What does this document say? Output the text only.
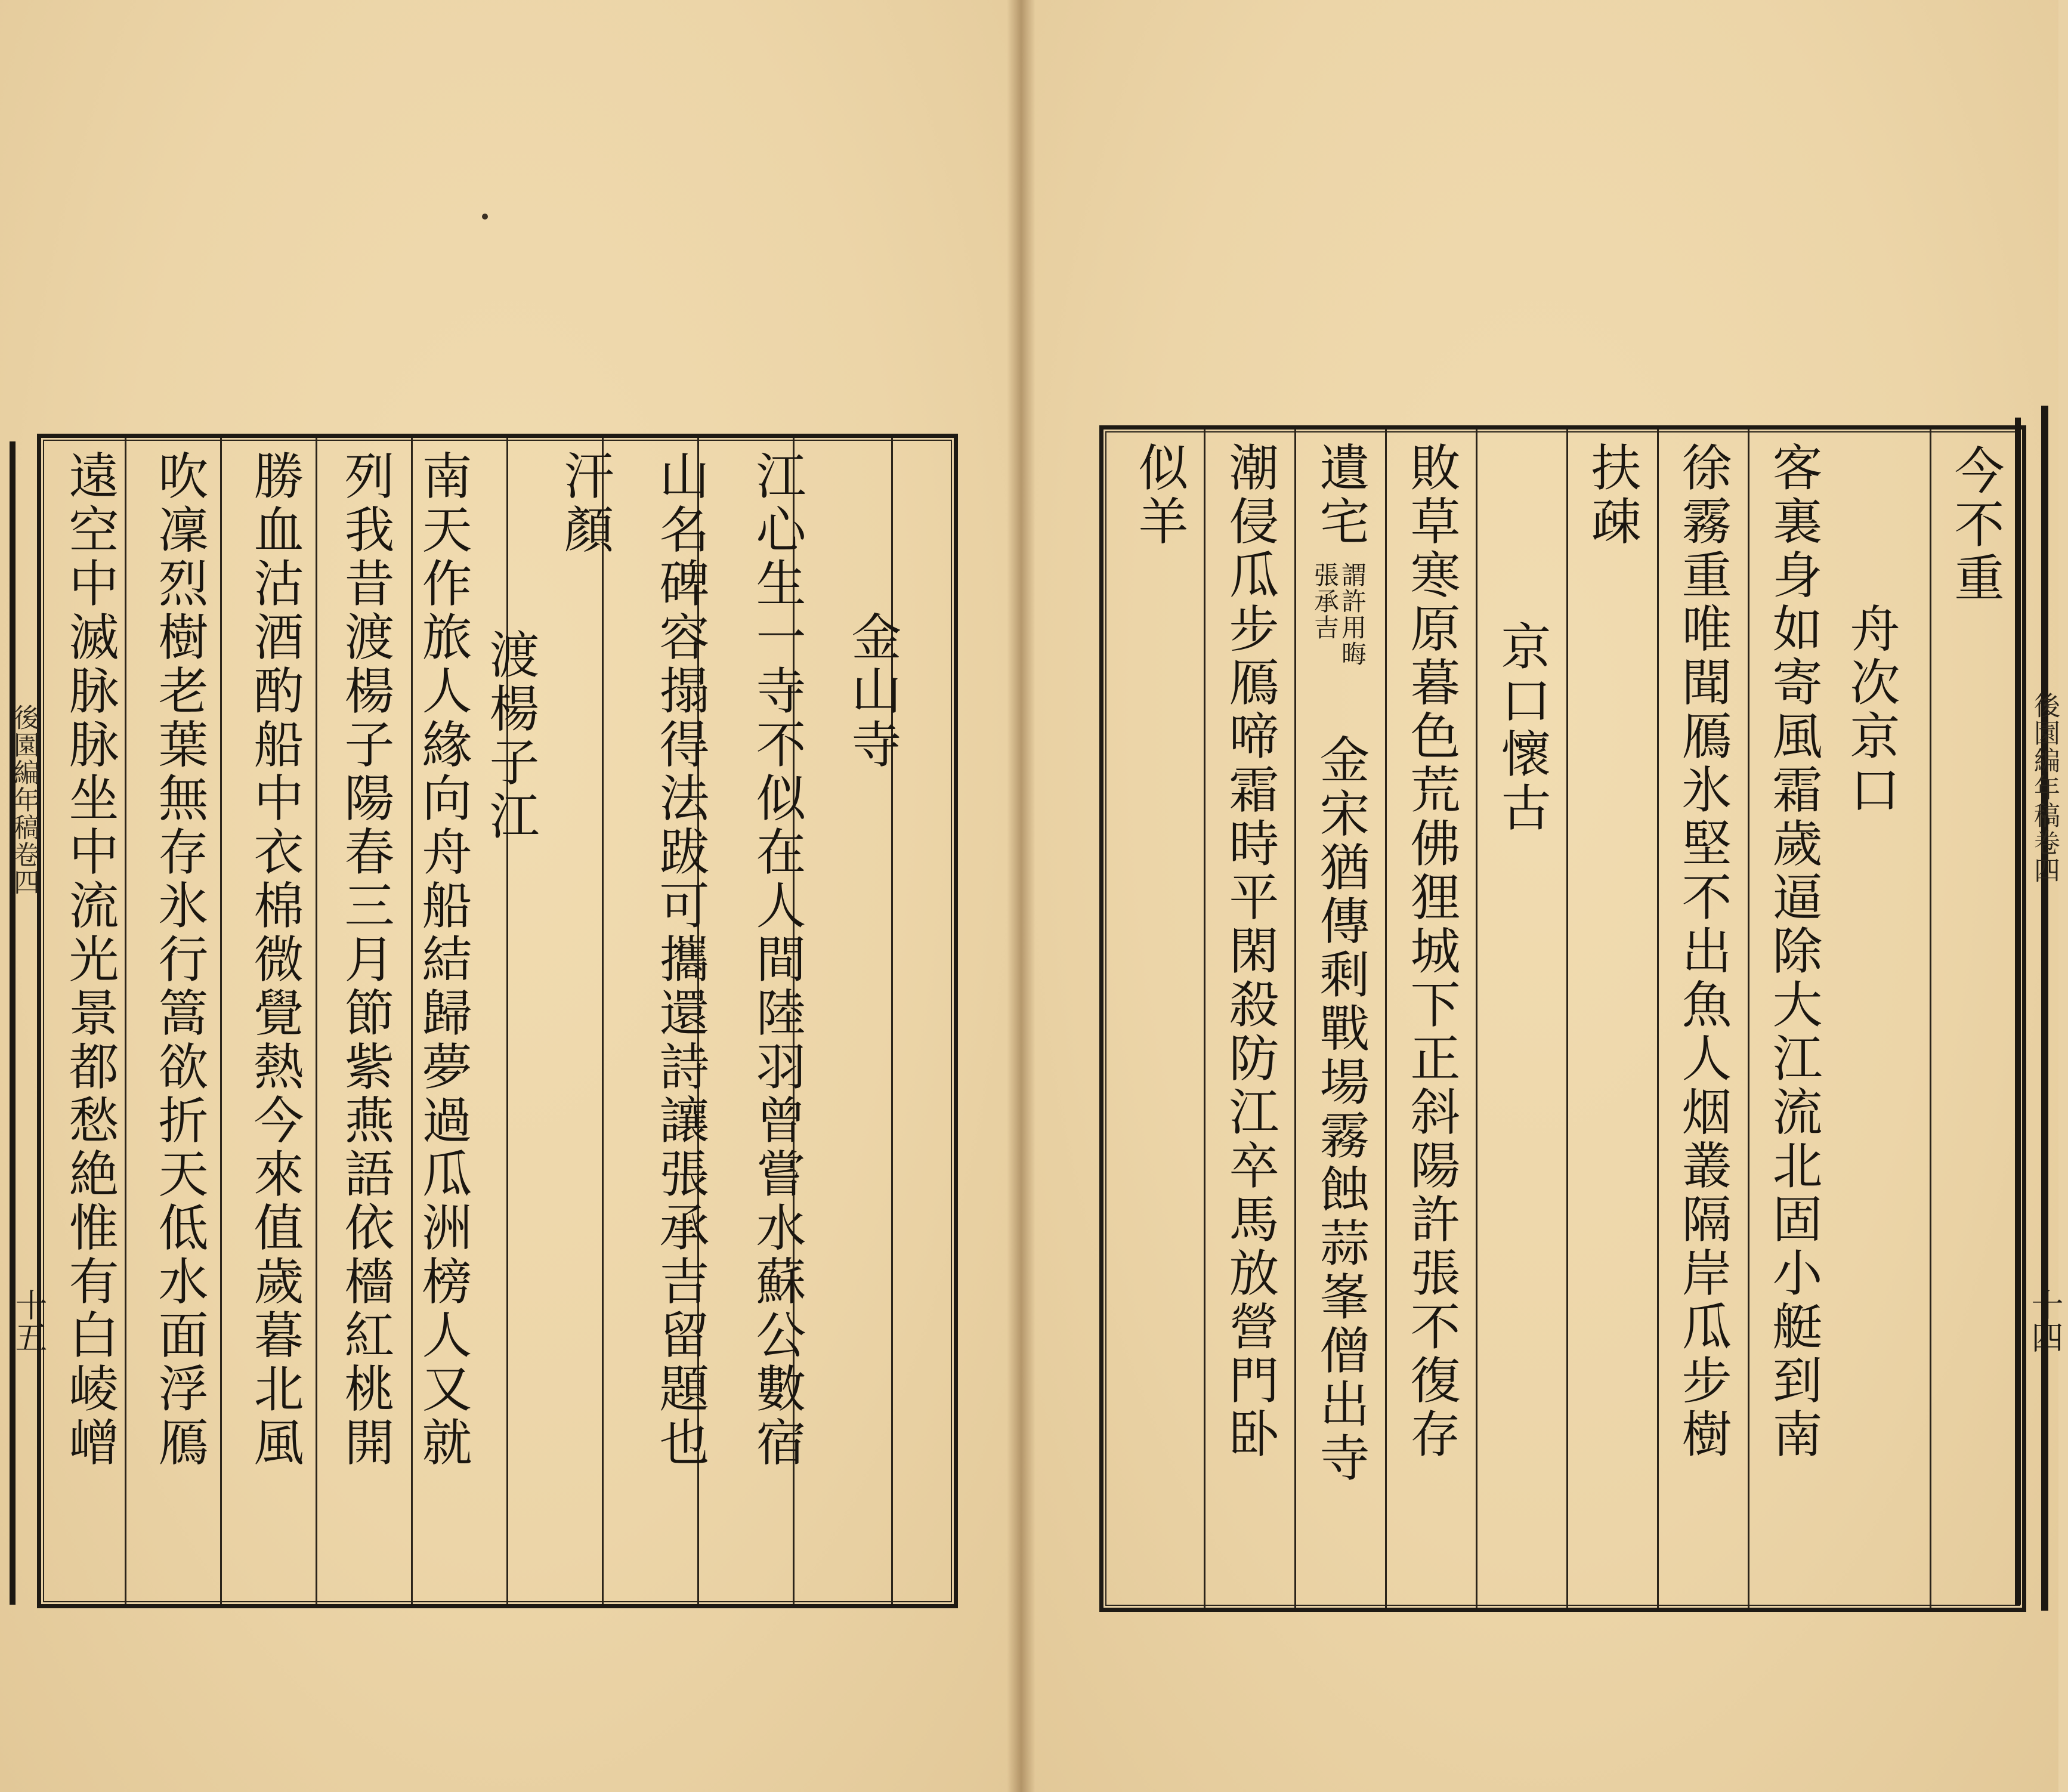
金山寺
江心生一寺不似在人間陸羽曾嘗水蘇公數宿
山名碑容搨得法跋可攜還詩讓張承吉留題也
汗顏
渡楊子江
南天作旅人緣向舟船結歸夢過瓜洲榜人又就
列我昔渡楊子陽春三月節紫燕語依檣紅桃開
勝血沽酒酌船中衣棉微覺熱今來值歲暮北風
吹凜烈樹老葉無存氷行篙欲折天低水面浮鴈
遠空中滅脉脉坐中流光景都愁絶惟有白崚嶒
後園編年稿卷四
十五
今不重
舟次京口
客裏身如寄風霜歲逼除大江流北固小艇到南
徐霧重唯聞鴈氷堅不出魚人烟叢隔岸瓜步樹
扶疎
京口懷古
敗草寒原暮色荒佛狸城下正斜陽許張不復存
遺宅
謂許用晦
張承吉
金宋猶傳剩戰場霧蝕蒜峯僧出寺
潮侵瓜步鴈啼霜時平閑殺防江卒馬放營門卧
似羊
後園編年稿卷四
十四
